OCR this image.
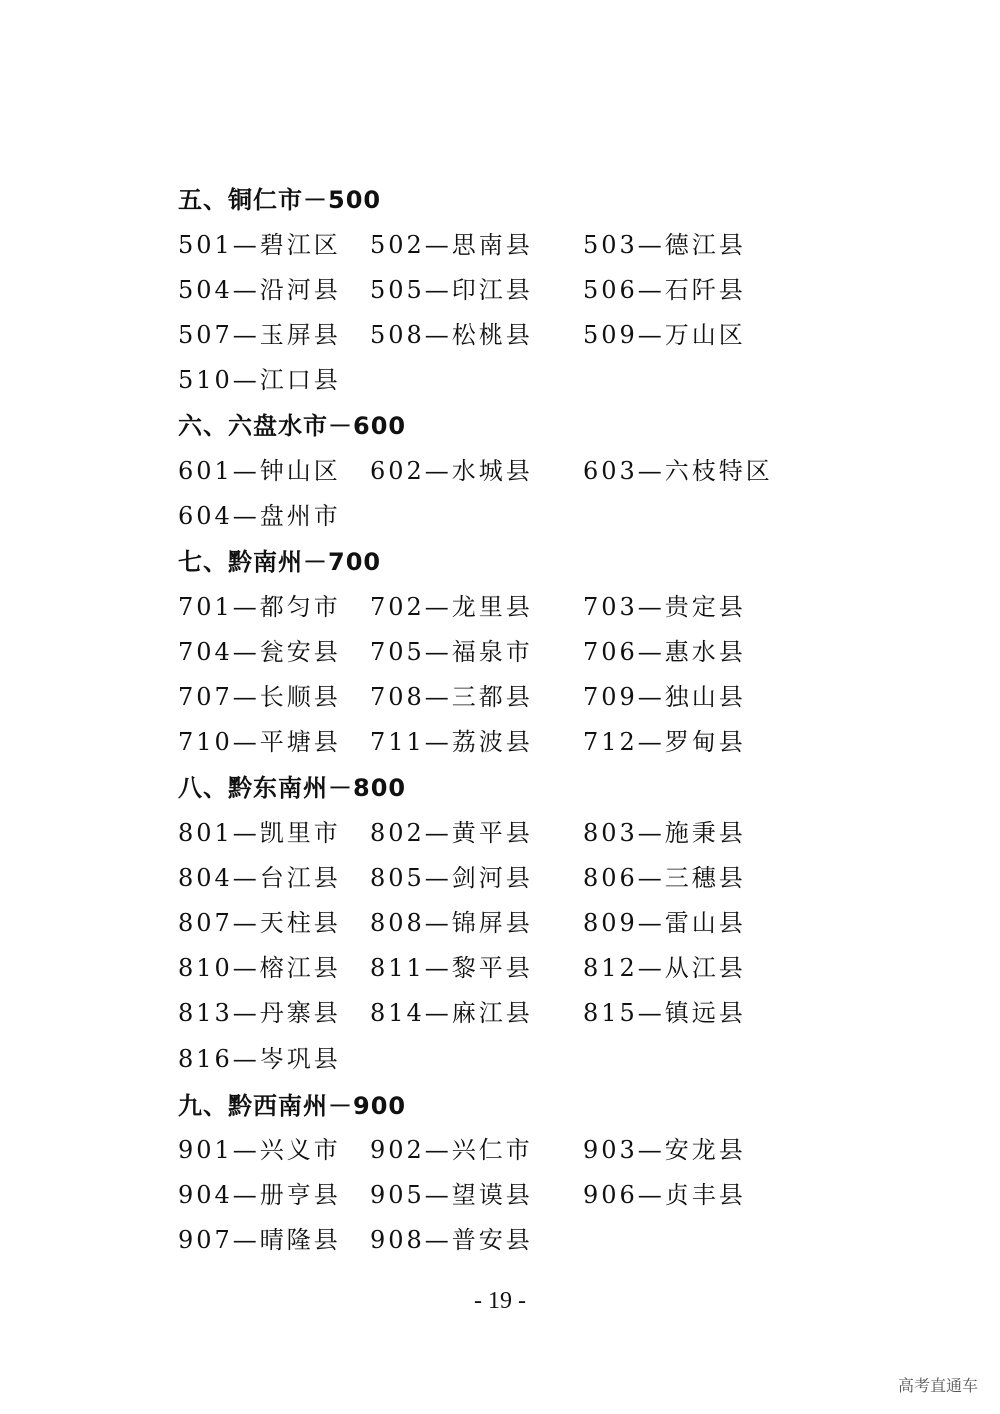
五、铜仁市－500
501—碧江区 502—思南县 503—德江县
504—沿河县 505—印江县 506—石阡县
507—玉屏县 508—松桃县 509—万山区
510—江口县
六、六盘水市－600
601—钟山区 602—水城县 603—六枝特区
604—盘州市
七、黔南州－700
701—都匀市 702—龙里县 703—贵定县
704—瓮安县 705—福泉市 706—惠水县
707—长顺县 708—三都县 709—独山县
710—平塘县 711—荔波县 712—罗甸县
八、黔东南州－800
801—凯里市 802—黄平县 803—施秉县
804—台江县 805—剑河县 806—三穗县
807—天柱县 808—锦屏县 809—雷山县
810—榕江县 811—黎平县 812—从江县
813—丹寨县 814—麻江县 815—镇远县
816—岑巩县
九、黔西南州－900
901—兴义市 902—兴仁市 903—安龙县
904—册亨县 905—望谟县 906—贞丰县
907—晴隆县 908—普安县
- 19 -
高考直通车
